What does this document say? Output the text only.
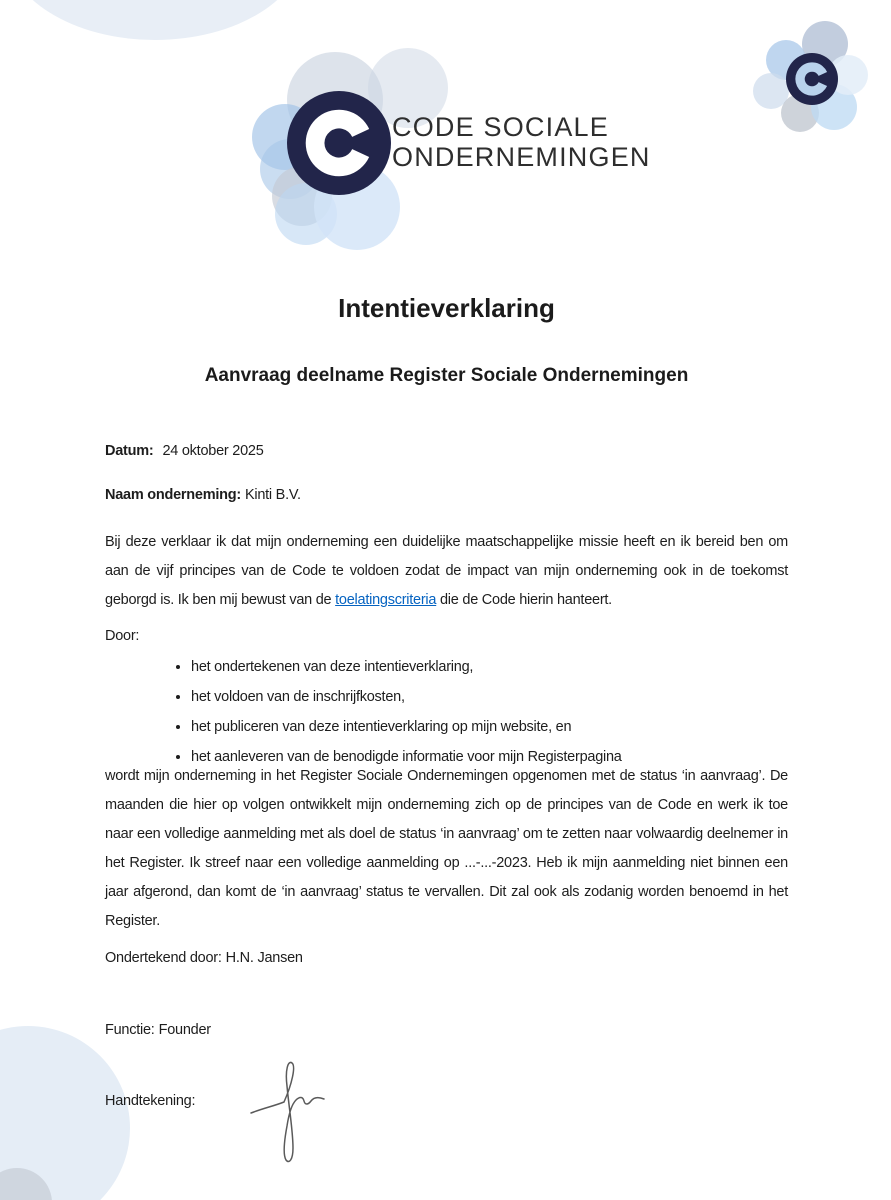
CODE SOCIALE
ONDERNEMINGEN
Intentieverklaring
Aanvraag deelname Register Sociale Ondernemingen
Datum: 24 oktober 2025
Naam onderneming: Kinti B.V.
Bij deze verklaar ik dat mijn onderneming een duidelijke maatschappelijke missie heeft en ik bereid ben om aan de vijf principes van de Code te voldoen zodat de impact van mijn onderneming ook in de toekomst geborgd is. Ik ben mij bewust van de toelatingscriteria die de Code hierin hanteert.
Door:
• het ondertekenen van deze intentieverklaring,
• het voldoen van de inschrijfkosten,
• het publiceren van deze intentieverklaring op mijn website, en
• het aanleveren van de benodigde informatie voor mijn Registerpagina
wordt mijn onderneming in het Register Sociale Ondernemingen opgenomen met de status ‘in aanvraag’. De maanden die hier op volgen ontwikkelt mijn onderneming zich op de principes van de Code en werk ik toe naar een volledige aanmelding met als doel de status ‘in aanvraag’ om te zetten naar volwaardig deelnemer in het Register. Ik streef naar een volledige aanmelding op ...-...-2023. Heb ik mijn aanmelding niet binnen een jaar afgerond, dan komt de ‘in aanvraag’ status te vervallen. Dit zal ook als zodanig worden benoemd in het Register.
Ondertekend door: H.N. Jansen
Functie: Founder
Handtekening:
